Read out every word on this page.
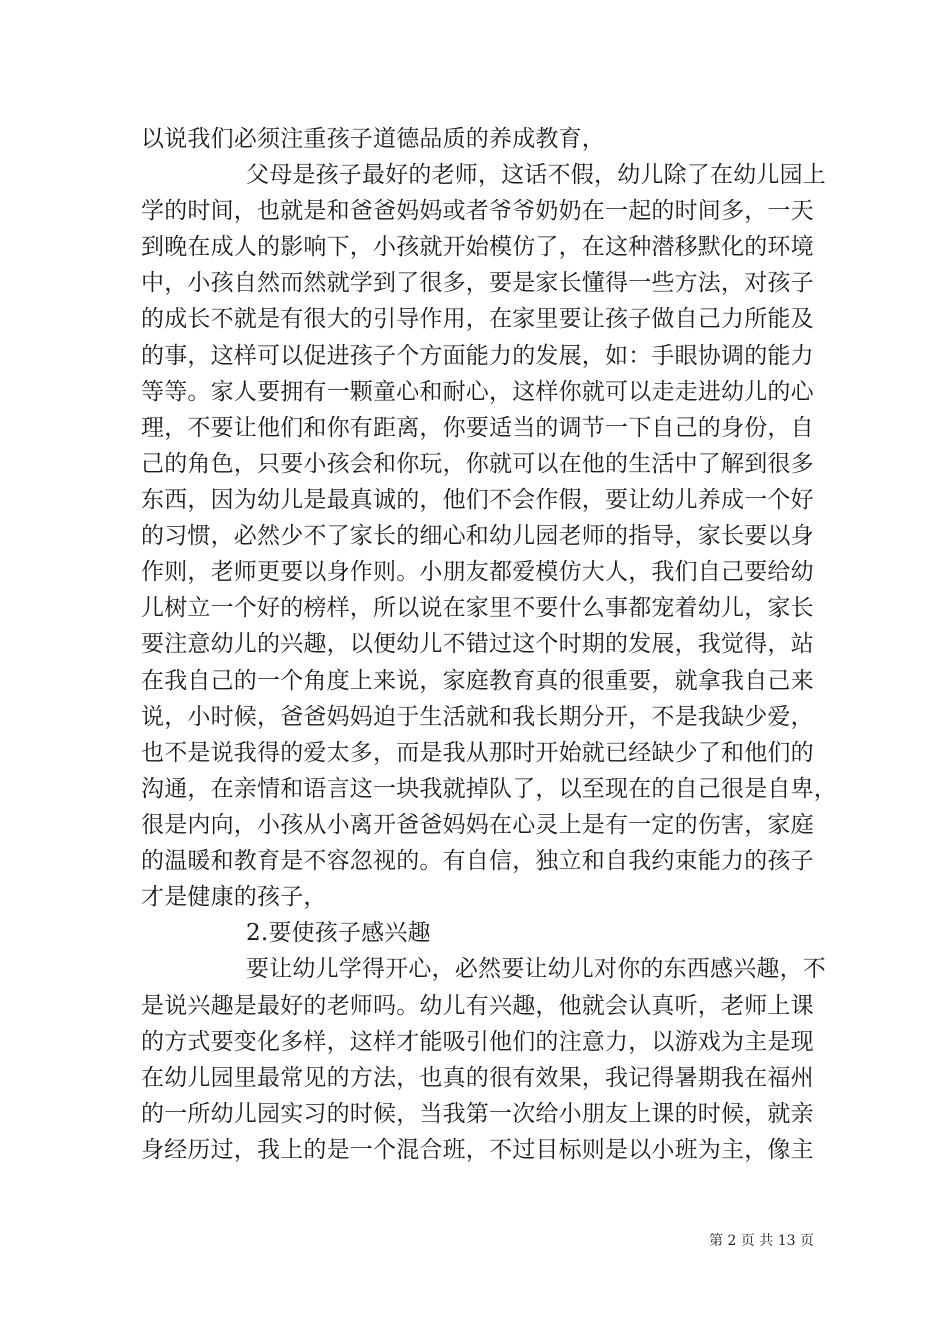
以说我们必须注重孩子道德品质的养成教育，
父母是孩子最好的老师，这话不假，幼儿除了在幼儿园上
学的时间，也就是和爸爸妈妈或者爷爷奶奶在一起的时间多，一天
到晚在成人的影响下，小孩就开始模仿了，在这种潜移默化的环境
中，小孩自然而然就学到了很多，要是家长懂得一些方法，对孩子
的成长不就是有很大的引导作用，在家里要让孩子做自己力所能及
的事，这样可以促进孩子个方面能力的发展，如：手眼协调的能力
等等。家人要拥有一颗童心和耐心，这样你就可以走走进幼儿的心
理，不要让他们和你有距离，你要适当的调节一下自己的身份，自
己的角色，只要小孩会和你玩，你就可以在他的生活中了解到很多
东西，因为幼儿是最真诚的，他们不会作假，要让幼儿养成一个好
的习惯，必然少不了家长的细心和幼儿园老师的指导，家长要以身
作则，老师更要以身作则。小朋友都爱模仿大人，我们自己要给幼
儿树立一个好的榜样，所以说在家里不要什么事都宠着幼儿，家长
要注意幼儿的兴趣，以便幼儿不错过这个时期的发展，我觉得，站
在我自己的一个角度上来说，家庭教育真的很重要，就拿我自己来
说，小时候，爸爸妈妈迫于生活就和我长期分开，不是我缺少爱，
也不是说我得的爱太多，而是我从那时开始就已经缺少了和他们的
沟通，在亲情和语言这一块我就掉队了，以至现在的自己很是自卑，
很是内向，小孩从小离开爸爸妈妈在心灵上是有一定的伤害，家庭
的温暖和教育是不容忽视的。有自信，独立和自我约束能力的孩子
才是健康的孩子，
2.要使孩子感兴趣
要让幼儿学得开心，必然要让幼儿对你的东西感兴趣，不
是说兴趣是最好的老师吗。幼儿有兴趣，他就会认真听，老师上课
的方式要变化多样，这样才能吸引他们的注意力，以游戏为主是现
在幼儿园里最常见的方法，也真的很有效果，我记得暑期我在福州
的一所幼儿园实习的时候，当我第一次给小朋友上课的时候，就亲
身经历过，我上的是一个混合班，不过目标则是以小班为主，像主
第 2 页 共 13 页
